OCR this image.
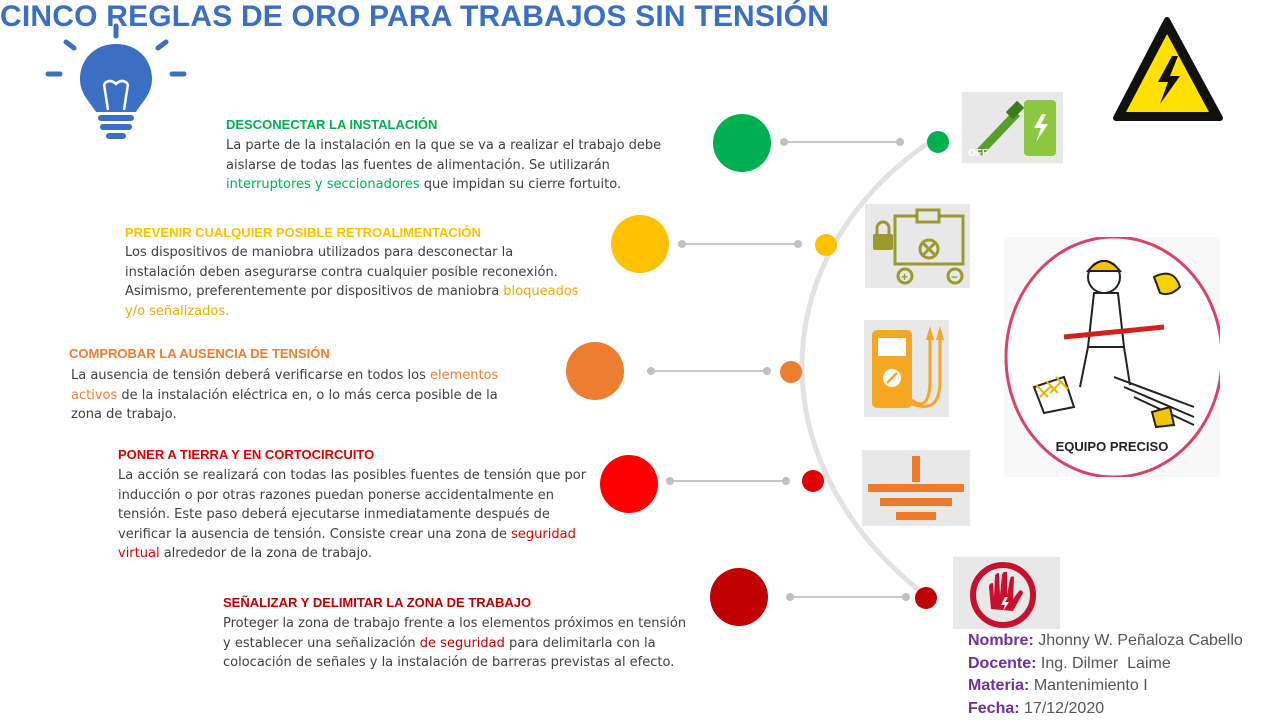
CINCO REGLAS DE ORO PARA TRABAJOS SIN TENSIÓN
DESCONECTAR LA INSTALACIÓN
La parte de la instalación en la que se va a realizar el trabajo debe aislarse de todas las fuentes de alimentación. Se utilizarán interruptores y seccionadores que impidan su cierre fortuito.
OFF
PREVENIR CUALQUIER POSIBLE RETROALIMENTACIÓN
Los dispositivos de maniobra utilizados para desconectar la instalación deben asegurarse contra cualquier posible reconexión. Asimismo, preferentemente por dispositivos de maniobra bloqueados y/o señalizados.
+	−
COMPROBAR LA AUSENCIA DE TENSIÓN
La ausencia de tensión deberá verificarse en todos los elementos activos de la instalación eléctrica en, o lo más cerca posible de la zona de trabajo.
PONER A TIERRA Y EN CORTOCIRCUITO
La acción se realizará con todas las posibles fuentes de tensión que por inducción o por otras razones puedan ponerse accidentalmente en tensión. Este paso deberá ejecutarse inmediatamente después de verificar la ausencia de tensión. Consiste crear una zona de seguridad virtual alrededor de la zona de trabajo.
SEÑALIZAR Y DELIMITAR LA ZONA DE TRABAJO
Proteger la zona de trabajo frente a los elementos próximos en tensión y establecer una señalización de seguridad para delimitarla con la colocación de señales y la instalación de barreras previstas al efecto.
EQUIPO PRECISO
Nombre: Jhonny W. Peñaloza Cabello
Docente: Ing. Dilmer  Laime
Materia: Mantenimiento I
Fecha: 17/12/2020
